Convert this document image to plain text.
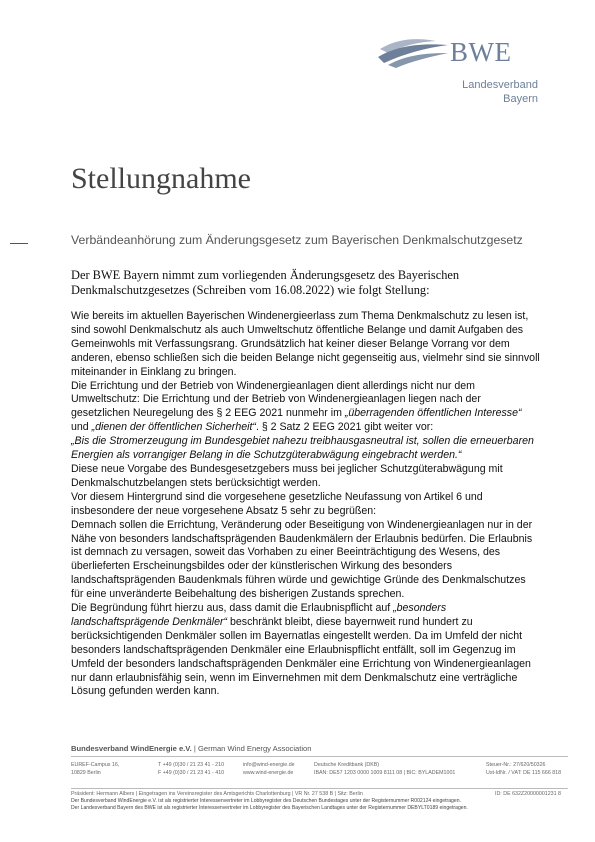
BWE
Landesverband
Bayern
Stellungnahme
Verbändeanhörung zum Änderungsgesetz zum Bayerischen Denkmalschutzgesetz
Der BWE Bayern nimmt zum vorliegenden Änderungsgesetz des Bayerischen
Denkmalschutzgesetzes (Schreiben vom 16.08.2022) wie folgt Stellung:
Wie bereits im aktuellen Bayerischen Windenergieerlass zum Thema Denkmalschutz zu lesen ist,
sind sowohl Denkmalschutz als auch Umweltschutz öffentliche Belange und damit Aufgaben des
Gemeinwohls mit Verfassungsrang. Grundsätzlich hat keiner dieser Belange Vorrang vor dem
anderen, ebenso schließen sich die beiden Belange nicht gegenseitig aus, vielmehr sind sie sinnvoll
miteinander in Einklang zu bringen.
Die Errichtung und der Betrieb von Windenergieanlagen dient allerdings nicht nur dem
Umweltschutz: Die Errichtung und der Betrieb von Windenergieanlagen liegen nach der
gesetzlichen Neuregelung des § 2 EEG 2021 nunmehr im „überragenden öffentlichen Interesse“
und „dienen der öffentlichen Sicherheit“. § 2 Satz 2 EEG 2021 gibt weiter vor:
„Bis die Stromerzeugung im Bundesgebiet nahezu treibhausgasneutral ist, sollen die erneuerbaren
Energien als vorrangiger Belang in die Schutzgüterabwägung eingebracht werden.“
Diese neue Vorgabe des Bundesgesetzgebers muss bei jeglicher Schutzgüterabwägung mit
Denkmalschutzbelangen stets berücksichtigt werden.
Vor diesem Hintergrund sind die vorgesehene gesetzliche Neufassung von Artikel 6 und
insbesondere der neue vorgesehene Absatz 5 sehr zu begrüßen:
Demnach sollen die Errichtung, Veränderung oder Beseitigung von Windenergieanlagen nur in der
Nähe von besonders landschaftsprägenden Baudenkmälern der Erlaubnis bedürfen. Die Erlaubnis
ist demnach zu versagen, soweit das Vorhaben zu einer Beeinträchtigung des Wesens, des
überlieferten Erscheinungsbildes oder der künstlerischen Wirkung des besonders
landschaftsprägenden Baudenkmals führen würde und gewichtige Gründe des Denkmalschutzes
für eine unveränderte Beibehaltung des bisherigen Zustands sprechen.
Die Begründung führt hierzu aus, dass damit die Erlaubnispflicht auf „besonders
landschaftsprägende Denkmäler“ beschränkt bleibt, diese bayernweit rund hundert zu
berücksichtigenden Denkmäler sollen im Bayernatlas eingestellt werden. Da im Umfeld der nicht
besonders landschaftsprägenden Denkmäler eine Erlaubnispflicht entfällt, soll im Gegenzug im
Umfeld der besonders landschaftsprägenden Denkmäler eine Errichtung von Windenergieanlagen
nur dann erlaubnisfähig sein, wenn im Einvernehmen mit dem Denkmalschutz eine verträgliche
Lösung gefunden werden kann.
Bundesverband WindEnergie e.V. | German Wind Energy Association
EUREF-Campus 16,
10829 Berlin
T +49 (0)30 / 21 23 41 - 210
F +49 (0)30 / 21 23 41 - 410
info@wind-energie.de
www.wind-energie.de
Deutsche Kreditbank (DKB)
IBAN: DE57 1203 0000 1009 8111 08 | BIC: BYLADEM1001
Steuer-Nr.: 27/620/50326
Ust-IdNr. / VAT: DE 115 666 818
Präsident: Hermann Albers | Eingetragen ins Vereinsregister des Amtsgerichts Charlottenburg | VR Nr. 27 538 B | Sitz: Berlin	ID: DE 632Z20000001231 8
Der Bundesverband WindEnergie e.V. ist als registrierter Interessenvertreter im Lobbyregister des Deutschen Bundestages unter der Registernummer R002124 eingetragen.
Der Landesverband Bayern des BWE ist als registrierter Interessenvertreter im Lobbyregister des Bayerischen Landtages unter der Registernummer DEBYLT0189 eingetragen.
